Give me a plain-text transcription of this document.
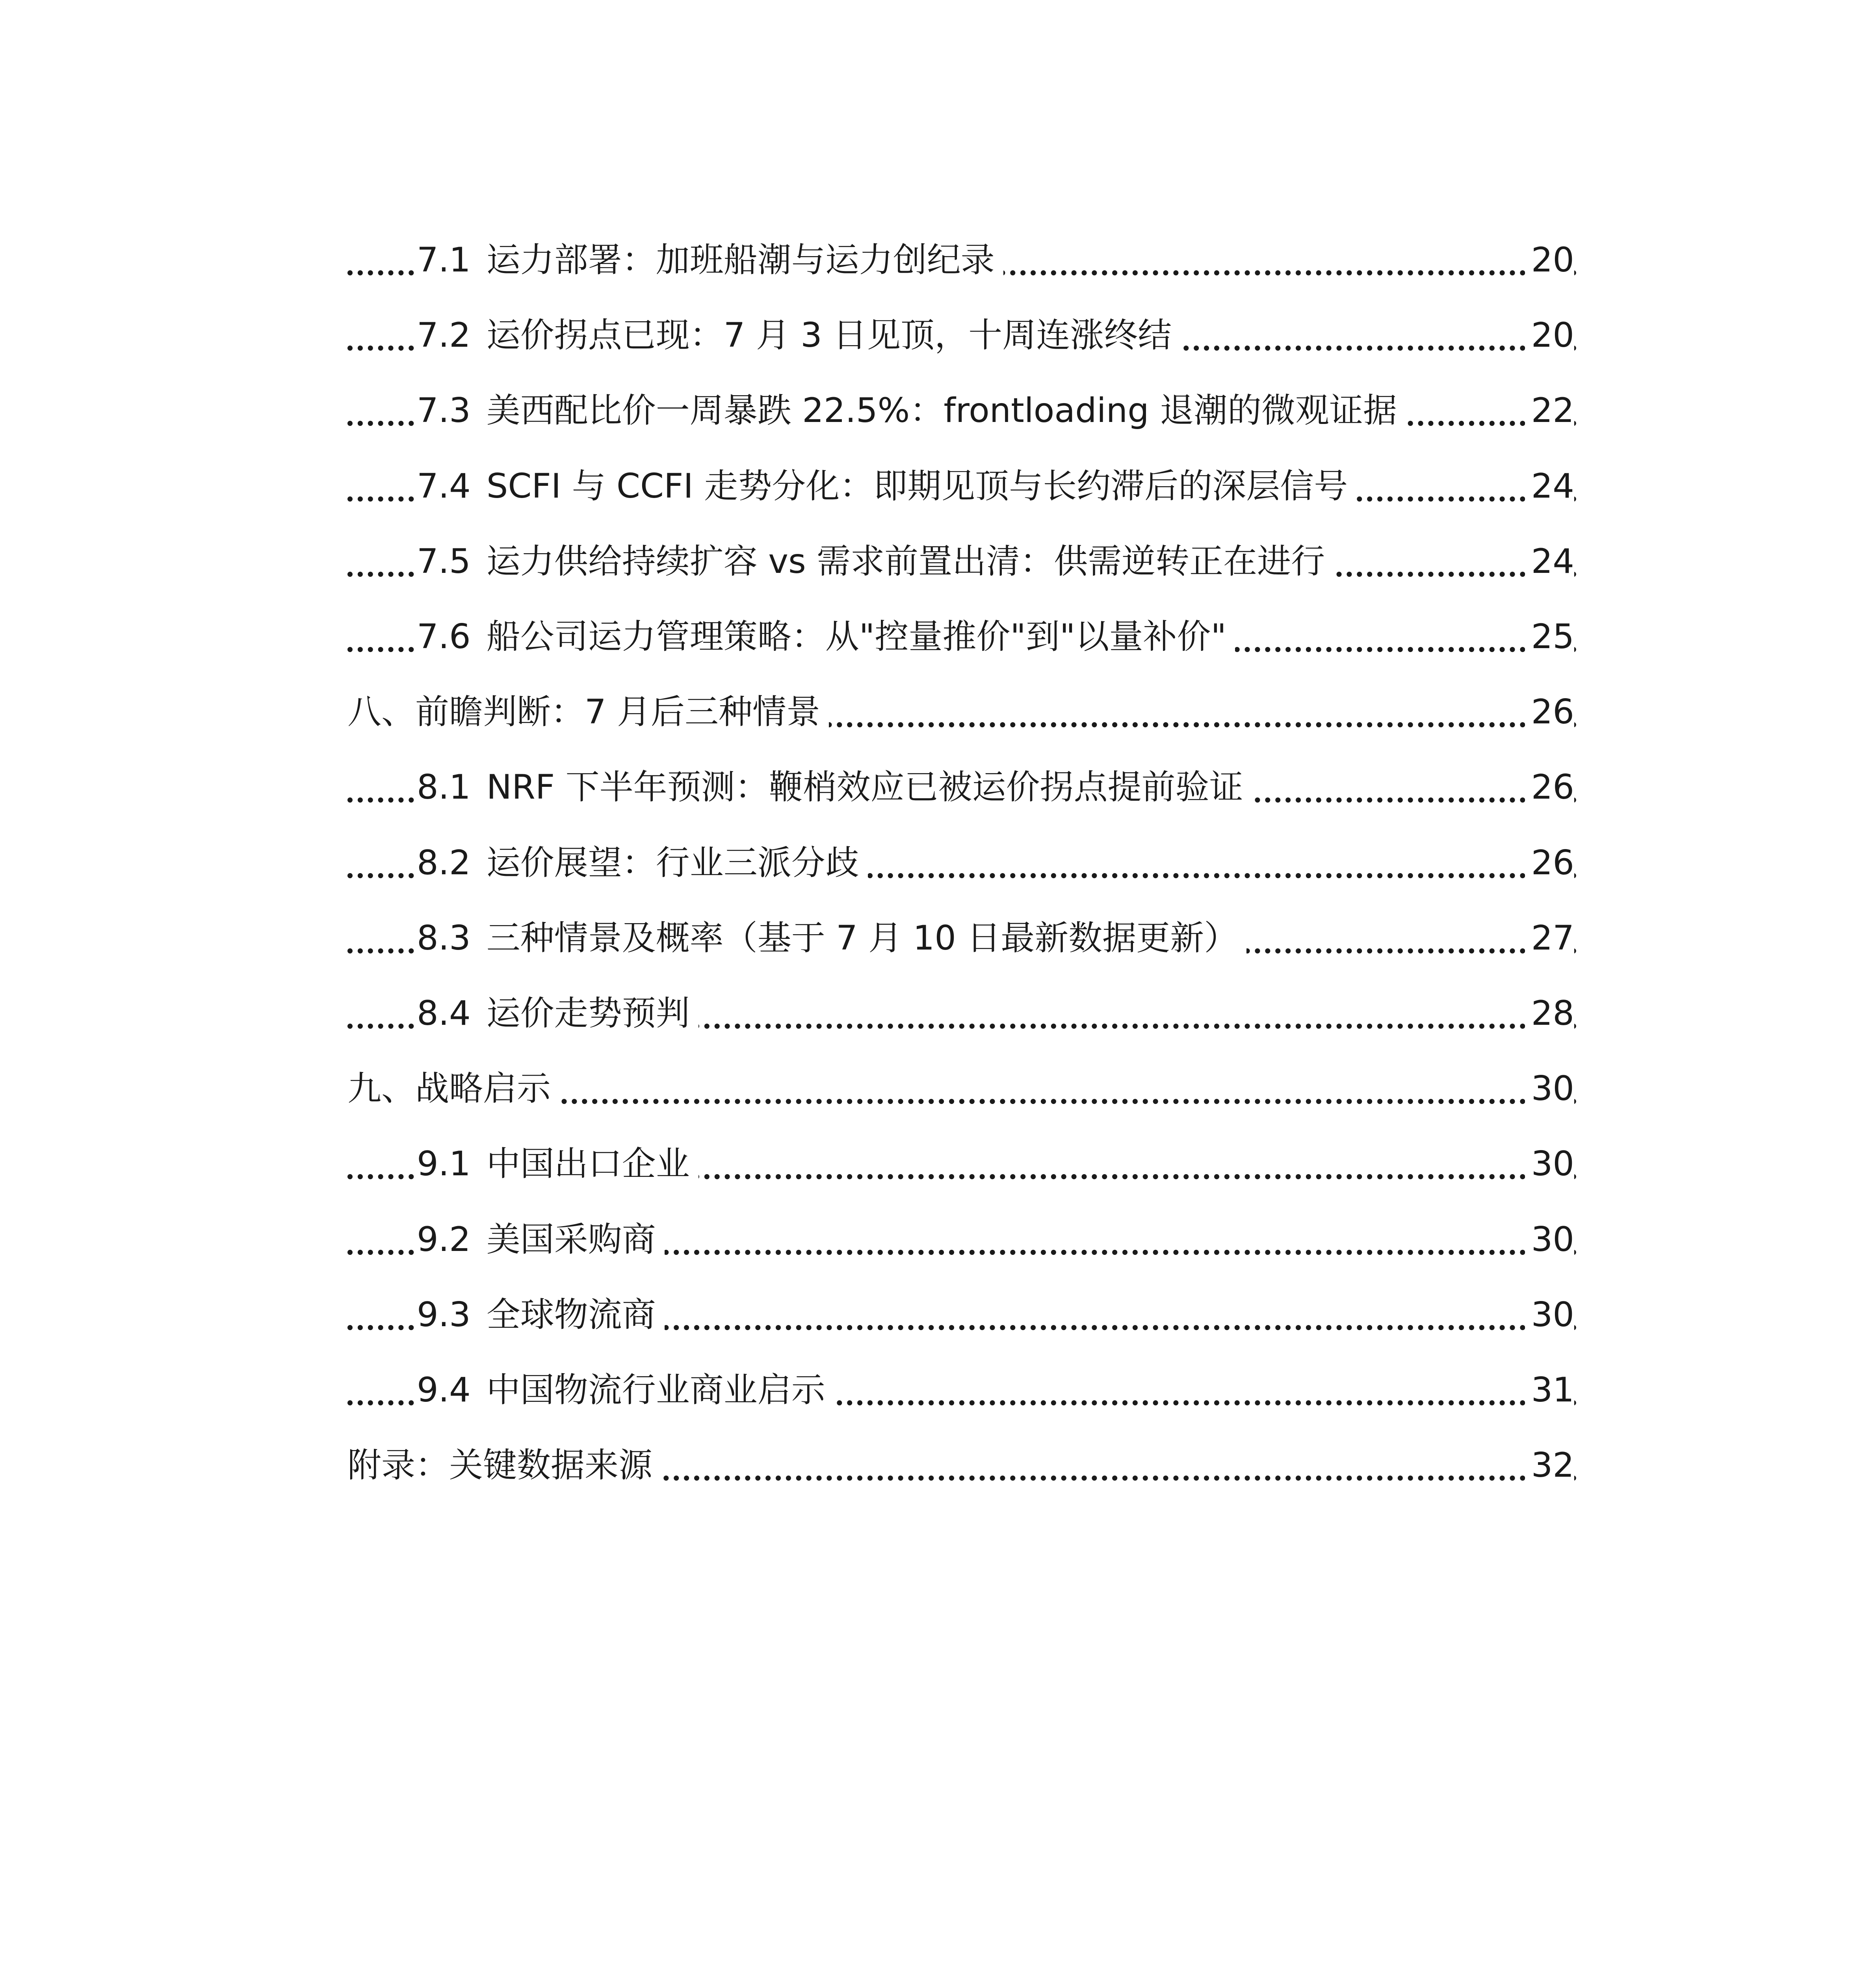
7.1 运力部署：加班船潮与运力创纪录	20
7.2 运价拐点已现：7 月 3 日见顶，十周连涨终结	20
7.3 美西配比价一周暴跌 22.5%：frontloading 退潮的微观证据	22
7.4 SCFI 与 CCFI 走势分化：即期见顶与长约滞后的深层信号	24
7.5 运力供给持续扩容 vs 需求前置出清：供需逆转正在进行	24
7.6 船公司运力管理策略：从"控量推价"到"以量补价"	25
八、前瞻判断：7 月后三种情景	26
8.1 NRF 下半年预测：鞭梢效应已被运价拐点提前验证	26
8.2 运价展望：行业三派分歧	26
8.3 三种情景及概率（基于 7 月 10 日最新数据更新）	27
8.4 运价走势预判	28
九、战略启示	30
9.1 中国出口企业	30
9.2 美国采购商	30
9.3 全球物流商	30
9.4 中国物流行业商业启示	31
附录：关键数据来源	32
